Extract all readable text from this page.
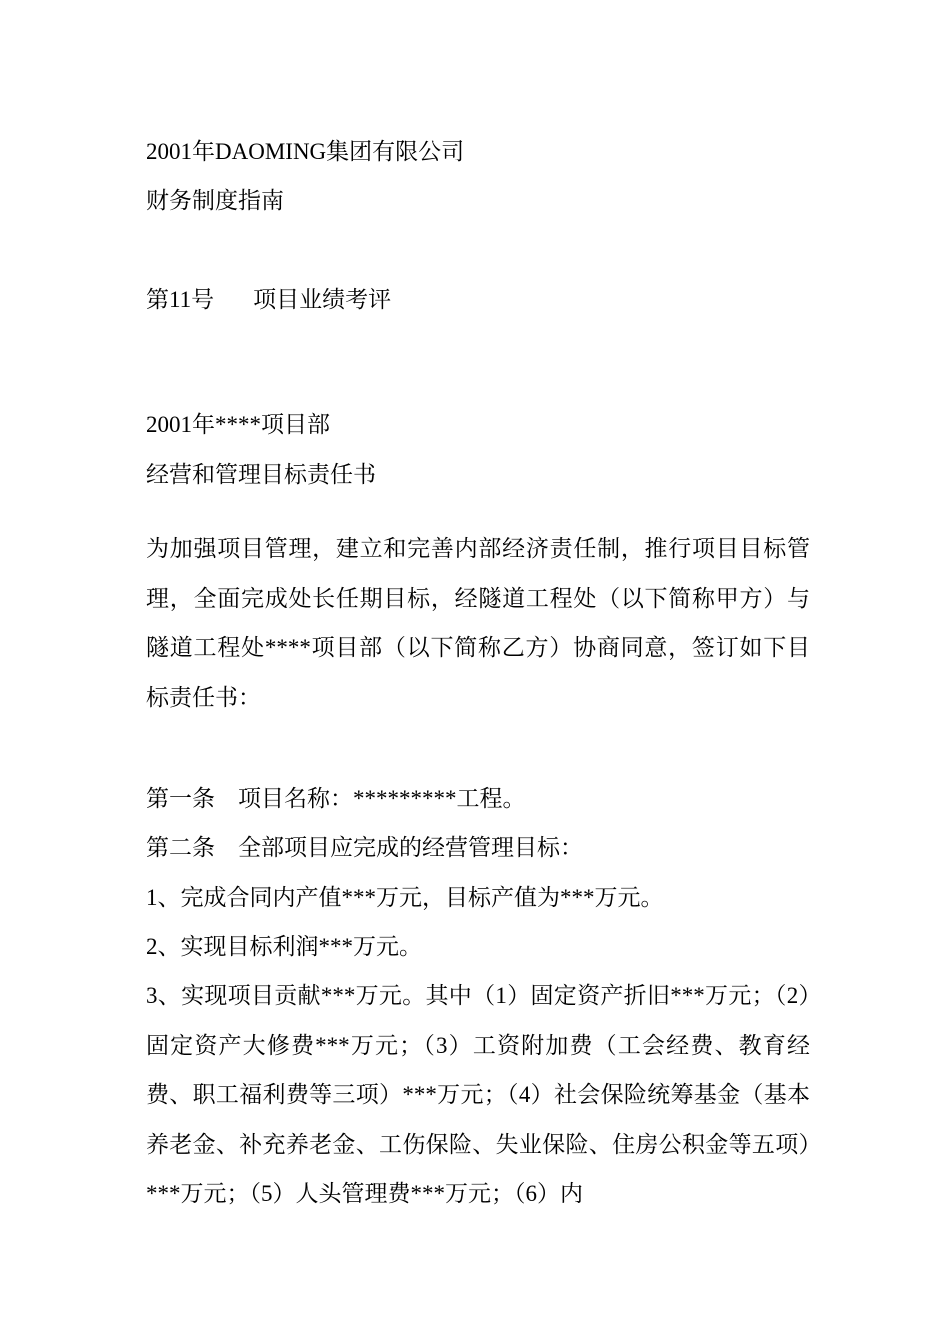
2001年DAOMING集团有限公司

财务制度指南

第11号 项目业绩考评

2001年****项目部

经营和管理目标责任书

为加强项目管理，建立和完善内部经济责任制，推行项目目标管理，全面完成处长任期目标，经隧道工程处（以下简称甲方）与隧道工程处****项目部（以下简称乙方）协商同意，签订如下目标责任书：

第一条　项目名称：*********工程。

第二条　全部项目应完成的经营管理目标：

1、完成合同内产值***万元，目标产值为***万元。

2、实现目标利润***万元。

3、实现项目贡献***万元。其中（1）固定资产折旧***万元；（2）固定资产大修费***万元；（3）工资附加费（工会经费、教育经费、职工福利费等三项）***万元；（4）社会保险统筹基金（基本养老金、补充养老金、工伤保险、失业保险、住房公积金等五项）***万元；（5）人头管理费***万元；（6）内
